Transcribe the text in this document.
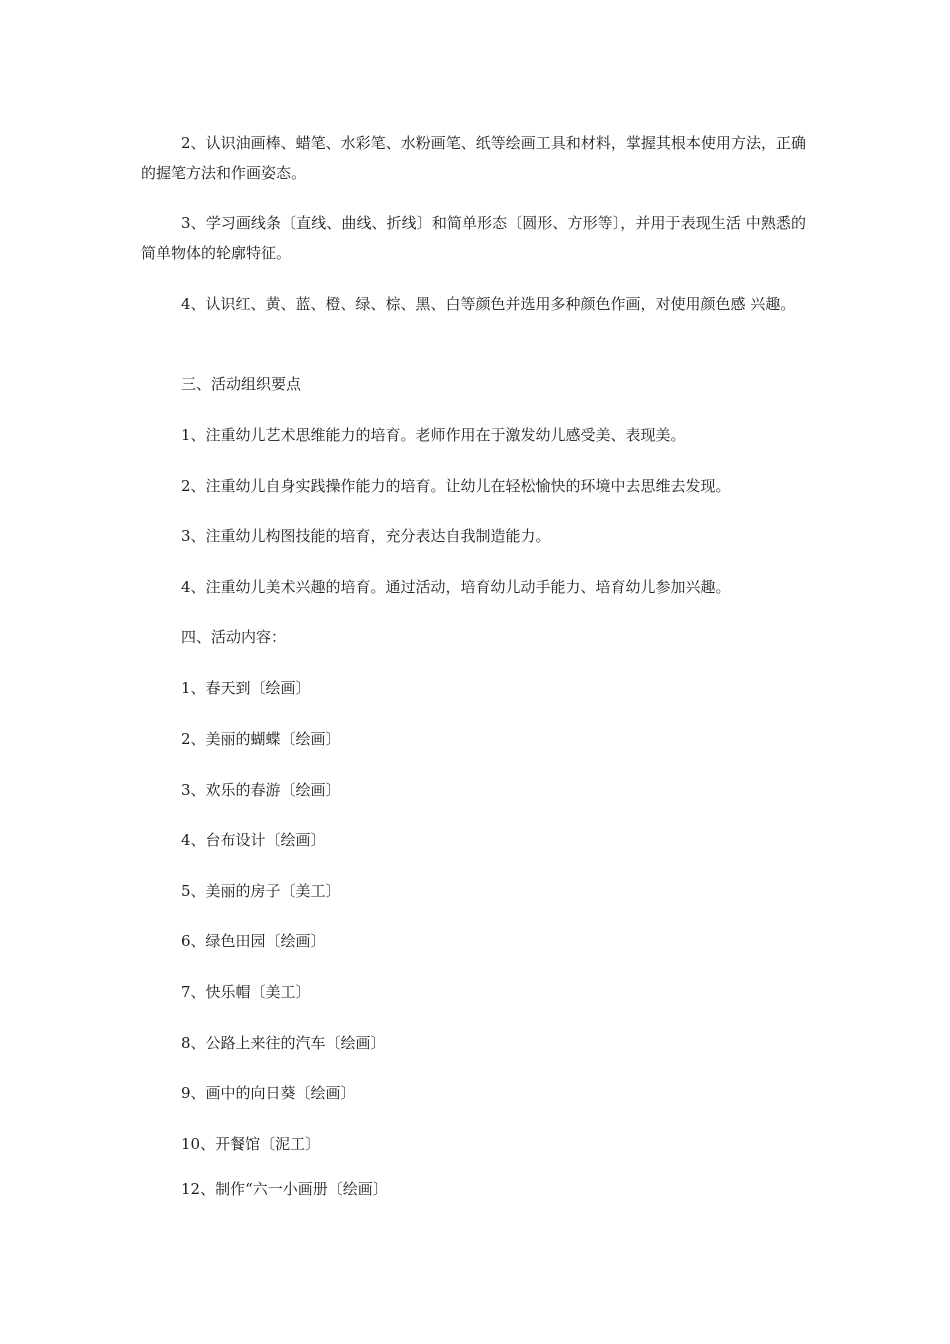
2、认识油画棒、蜡笔、水彩笔、水粉画笔、纸等绘画工具和材料，掌握其根本使用方法，正确的握笔方法和作画姿态。

3、学习画线条〔直线、曲线、折线〕和简单形态〔圆形、方形等〕，并用于表现生活 中熟悉的简单物体的轮廓特征。

4、认识红、黄、蓝、橙、绿、棕、黑、白等颜色并选用多种颜色作画，对使用颜色感 兴趣。

三、活动组织要点

1、注重幼儿艺术思维能力的培育。老师作用在于激发幼儿感受美、表现美。

2、注重幼儿自身实践操作能力的培育。让幼儿在轻松愉快的环境中去思维去发现。

3、注重幼儿构图技能的培育，充分表达自我制造能力。

4、注重幼儿美术兴趣的培育。通过活动，培育幼儿动手能力、培育幼儿参加兴趣。

四、活动内容：

1、春天到〔绘画〕

2、美丽的蝴蝶〔绘画〕

3、欢乐的春游〔绘画〕

4、台布设计〔绘画〕

5、美丽的房子〔美工〕

6、绿色田园〔绘画〕

7、快乐帽〔美工〕

8、公路上来往的汽车〔绘画〕

9、画中的向日葵〔绘画〕

10、开餐馆〔泥工〕

12、制作“六一小画册〔绘画〕
